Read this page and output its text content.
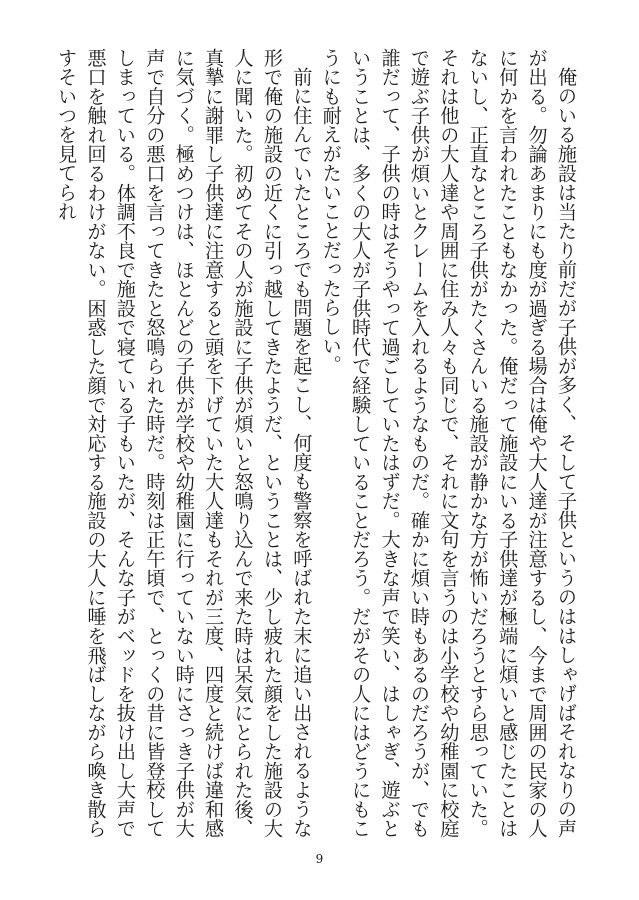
俺のいる施設は当たり前だが子供が多く、そして子供というのははしゃげばそれなりの声が出る。勿論あまりにも度が過ぎる場合は俺や大人達が注意するし、今まで周囲の民家の人に何かを言われたこともなかった。俺だって施設にいる子供達が極端に煩いと感じたことはないし、正直なところ子供がたくさんいる施設が静かな方が怖いだろうとすら思っていた。それは他の大人達や周囲に住み人々も同じで、それに文句を言うのは小学校や幼稚園に校庭で遊ぶ子供が煩いとクレームを入れるようなものだ。確かに煩い時もあるのだろうが、でも誰だって、子供の時はそうやって過ごしていたはずだ。大きな声で笑い、はしゃぎ、遊ぶということは、多くの大人が子供時代で経験していることだろう。だがその人にはどうにもこうにも耐えがたいことだったらしい。

前に住んでいたところでも問題を起こし、何度も警察を呼ばれた末に追い出されるような形で俺の施設の近くに引っ越してきたようだ、ということは、少し疲れた顔をした施設の大人に聞いた。初めてその人が施設に子供が煩いと怒鳴り込んで来た時は呆気にとられた後、真摯に謝罪し子供達に注意すると頭を下げていた大人達もそれが三度、四度と続けば違和感に気づく。極めつけは、ほとんどの子供が学校や幼稚園に行っていない時にさっき子供が大声で自分の悪口を言ってきたと怒鳴られた時だ。時刻は正午頃で、とっくの昔に皆登校してしまっている。体調不良で施設で寝ている子もいたが、そんな子がベッドを抜け出し大声で悪口を触れ回るわけがない。困惑した顔で対応する施設の大人に唾を飛ばしながら喚き散らすそいつを見てられ

9
